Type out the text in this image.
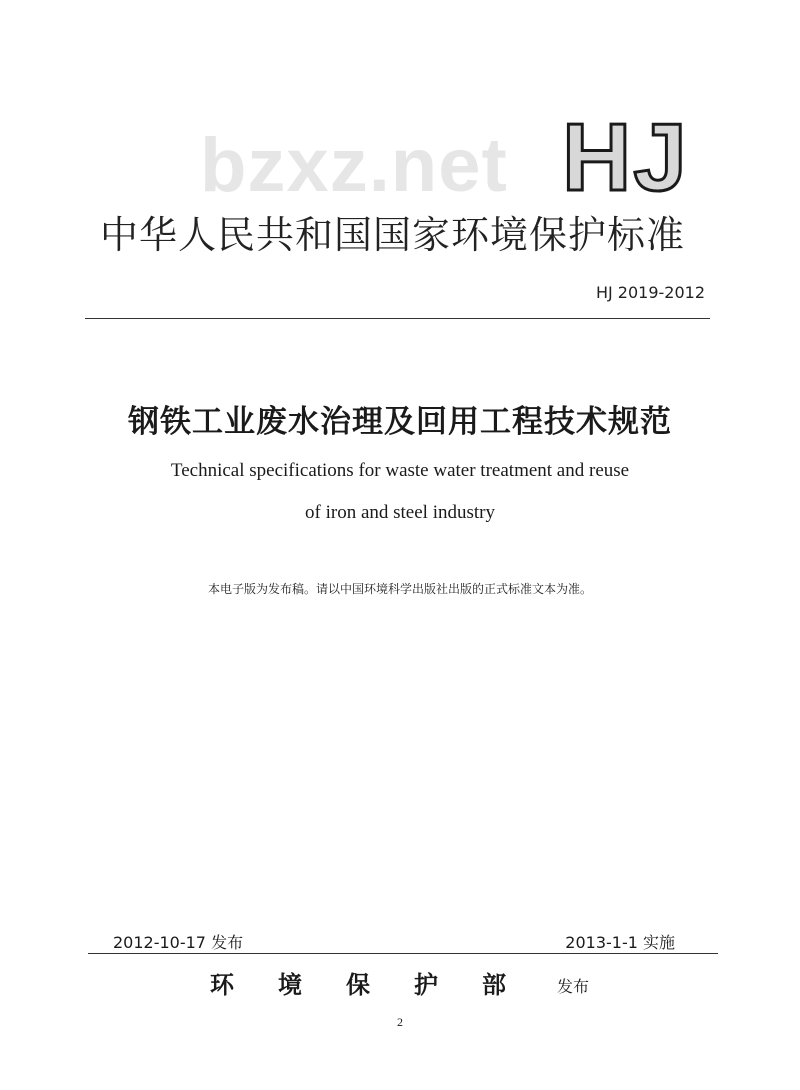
bzxz.net HJ
中华人民共和国国家环境保护标准
HJ 2019-2012
钢铁工业废水治理及回用工程技术规范
Technical specifications for waste water treatment and reuse
of iron and steel industry
本电子版为发布稿。请以中国环境科学出版社出版的正式标准文本为准。
2012-10-17 发布	2013-1-1 实施
环境保护部 发布
2
